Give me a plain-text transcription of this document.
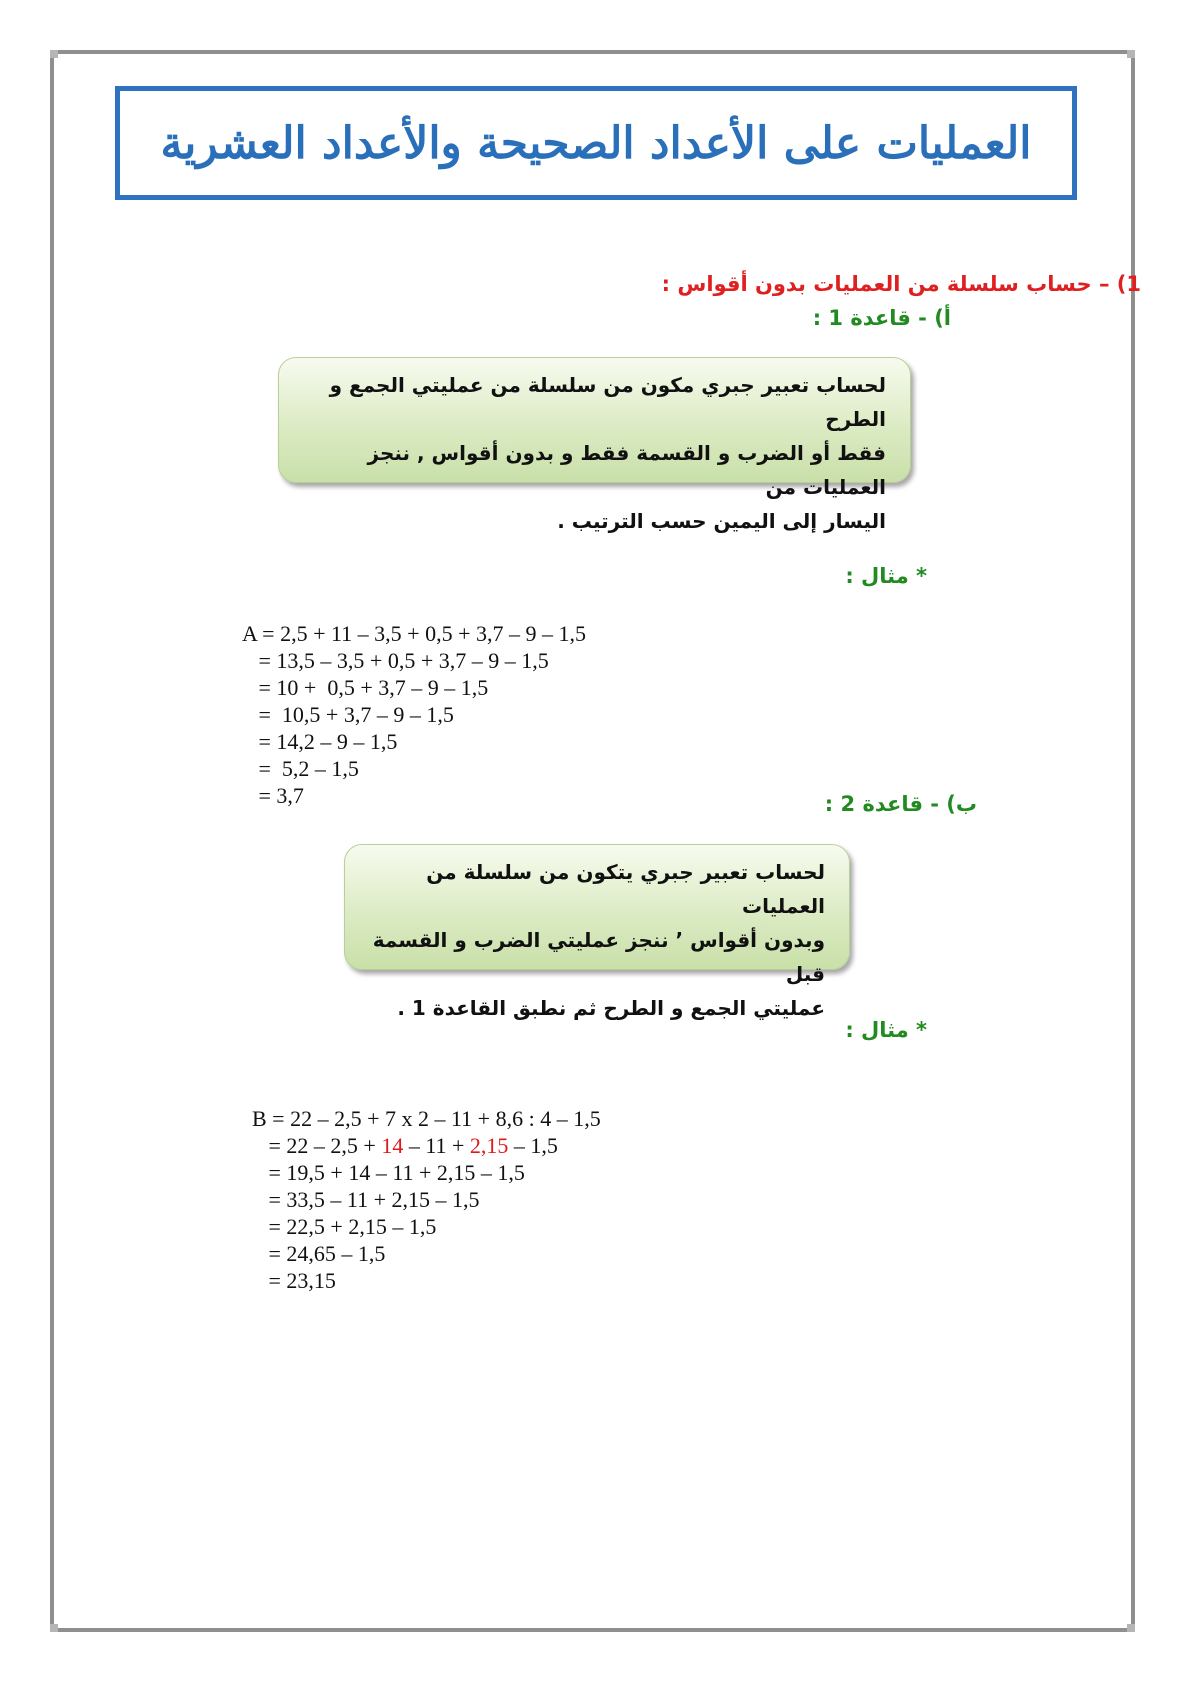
العمليات على الأعداد الصحيحة والأعداد العشرية
1) – حساب سلسلة من العمليات بدون أقواس :
أ) - قاعدة 1 :
لحساب تعبير جبري مكون من سلسلة من عمليتي الجمع و الطرح
فقط أو الضرب و القسمة فقط و بدون أقواس , ننجز العمليات من
اليسار إلى اليمين حسب الترتيب .
* مثال :

A = 2,5 + 11 – 3,5 + 0,5 + 3,7 – 9 – 1,5
= 13,5 – 3,5 + 0,5 + 3,7 – 9 – 1,5
= 10 +  0,5 + 3,7 – 9 – 1,5
=  10,5 + 3,7 – 9 – 1,5
= 14,2 – 9 – 1,5
=  5,2 – 1,5
= 3,7	ب) - قاعدة 2 :
لحساب تعبير جبري يتكون من سلسلة من العمليات
وبدون أقواس ’ ننجز عمليتي الضرب و القسمة قبل
عمليتي الجمع و الطرح ثم نطبق القاعدة 1 .
* مثال :

B = 22 – 2,5 + 7 x 2 – 11 + 8,6 : 4 – 1,5
= 22 – 2,5 + 14 – 11 + 2,15 – 1,5
= 19,5 + 14 – 11 + 2,15 – 1,5
= 33,5 – 11 + 2,15 – 1,5
= 22,5 + 2,15 – 1,5
= 24,65 – 1,5
= 23,15
